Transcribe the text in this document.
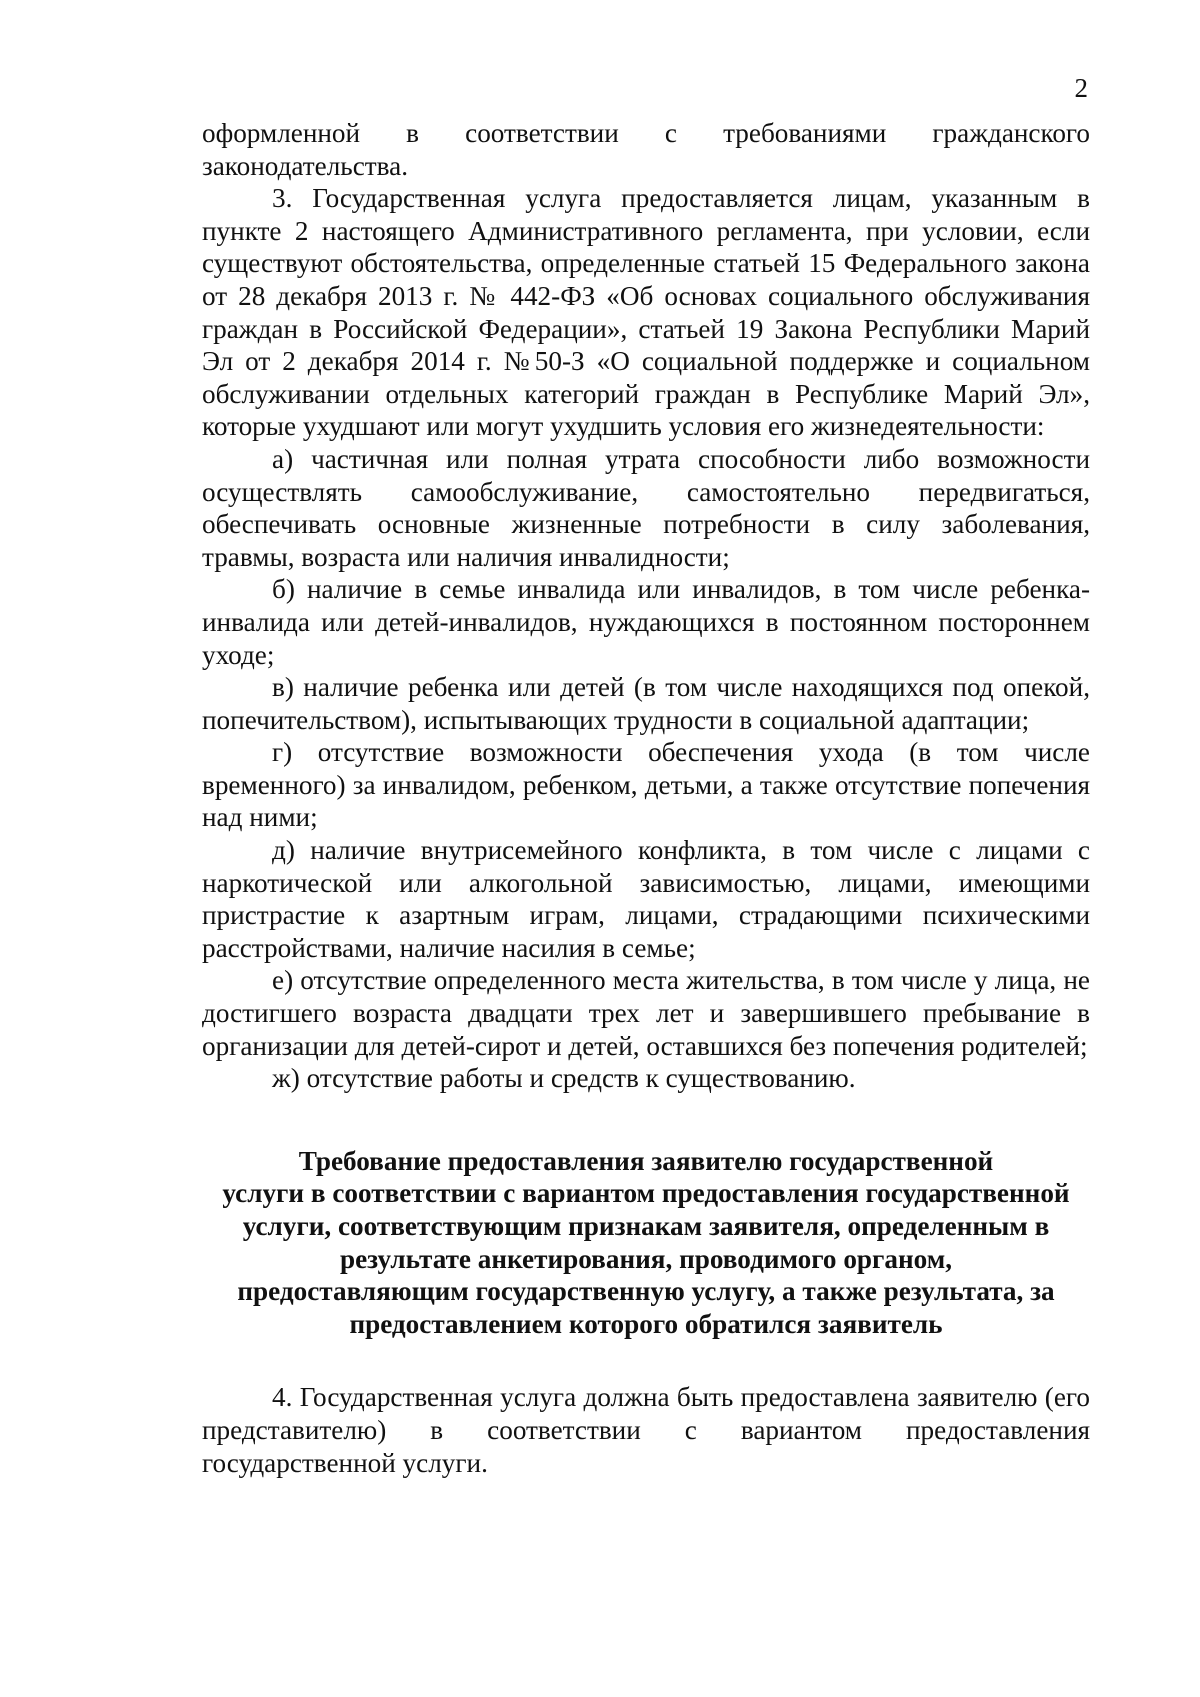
2

оформленной в соответствии с требованиями гражданского законодательства.

3. Государственная услуга предоставляется лицам, указанным в пункте 2 настоящего Административного регламента, при условии, если существуют обстоятельства, определенные статьей 15 Федерального закона от 28 декабря 2013 г. № 442-ФЗ «Об основах социального обслуживания граждан в Российской Федерации», статьей 19 Закона Республики Марий Эл от 2 декабря 2014 г. №50-З «О социальной поддержке и социальном обслуживании отдельных категорий граждан в Республике Марий Эл», которые ухудшают или могут ухудшить условия его жизнедеятельности:

а) частичная или полная утрата способности либо возможности осуществлять самообслуживание, самостоятельно передвигаться, обеспечивать основные жизненные потребности в силу заболевания, травмы, возраста или наличия инвалидности;

б) наличие в семье инвалида или инвалидов, в том числе ребенка-инвалида или детей-инвалидов, нуждающихся в постоянном постороннем уходе;

в) наличие ребенка или детей (в том числе находящихся под опекой, попечительством), испытывающих трудности в социальной адаптации;

г) отсутствие возможности обеспечения ухода (в том числе временного) за инвалидом, ребенком, детьми, а также отсутствие попечения над ними;

д) наличие внутрисемейного конфликта, в том числе с лицами с наркотической или алкогольной зависимостью, лицами, имеющими пристрастие к азартным играм, лицами, страдающими психическими расстройствами, наличие насилия в семье;

е) отсутствие определенного места жительства, в том числе у лица, не достигшего возраста двадцати трех лет и завершившего пребывание в организации для детей-сирот и детей, оставшихся без попечения родителей;

ж) отсутствие работы и средств к существованию.

Требование предоставления заявителю государственной
услуги в соответствии с вариантом предоставления государственной
услуги, соответствующим признакам заявителя, определенным в
результате анкетирования, проводимого органом,
предоставляющим государственную услугу, а также результата, за
предоставлением которого обратился заявитель

4. Государственная услуга должна быть предоставлена заявителю (его представителю) в соответствии с вариантом предоставления государственной услуги.
